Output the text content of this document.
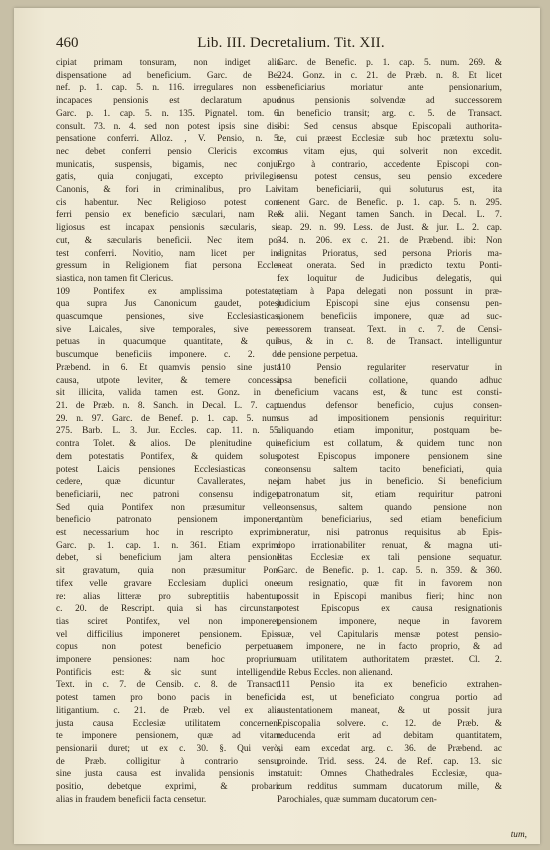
460	Lib. III. Decretalium. Tit. XII.
cipiat primam tonsuram, non indiget alia
dispensatione ad beneficium. Garc. de Be-
nef. p. 1. cap. 5. n. 116. irregulares non esse
incapaces pensionis est declaratum apud
Garc. p. 1. cap. 5. n. 135. Pignatel. tom. 6.
consult. 73. n. 4. sed non potest ipsis sine dis-
pensatione conferri. Alloz. , V. Pensio, n. 5.
nec debet conferri pensio Clericis excom-
municatis, suspensis, bigamis, nec conju-
gatis, quia conjugati, excepto privilegio
Canonis, & fori in criminalibus, pro Lai-
cis habentur. Nec Religioso potest con-
ferri pensio ex beneficio sæculari, nam Re-
ligiosus est incapax pensionis sæcularis, si-
cut, & sæcularis beneficii. Nec item po-
test conferri. Novitio, nam licet per in-
gressum in Religionem fiat persona Eccle-
siastica, non tamen fit Clericus.
109 Pontifex ex amplissima potestate,
qua supra Jus Canonicum gaudet, potest
quascumque pensiones, sive Ecclesiasticas,
sive Laicales, sive temporales, sive per-
petuas in quacumque quantitate, & qui-
buscumque beneficiis imponere. c. 2. de
Præbend. in 6. Et quamvis pensio sine justa
causa, utpote leviter, & temere concessa
sit illicita, valida tamen est. Gonz. in c.
21. de Præb. n. 8. Sanch. in Decal. L. 7. cap.
29. n. 97. Garc. de Benef. p. 1. cap. 5. num.
275. Barb. L. 3. Jur. Eccles. cap. 11. n. 55.
contra Tolet. & alios. De plenitudine qui-
dem potestatis Pontifex, & quidem solus,
potest Laicis pensiones Ecclesiasticas con-
cedere, quæ dicuntur Cavallerates, nec
beneficiarii, nec patroni consensu indiget.
Sed quia Pontifex non præsumitur velle
beneficio patronato pensionem imponere,
est necessarium hoc in rescripto exprimi.
Garc. p. 1. cap. 1. n. 361. Etiam exprimi
debet, si beneficium jam altera pensione
sit gravatum, quia non præsumitur Pon-
tifex velle gravare Ecclesiam duplici one-
re: alias litteræ pro subreptitiis habentur.
c. 20. de Rescript. quia si has circunstan-
tias sciret Pontifex, vel non imponeret,
vel difficilius imponeret pensionem. Epis-
copus non potest beneficio perpetuas
imponere pensiones: nam hoc proprium
Pontificis est: & sic sunt intelligendi.
Text. in c. 7. de Censib. c. 8. de Transact.
potest tamen pro bono pacis in beneficio
litigantium. c. 21. de Præb. vel ex alia
justa causa Ecclesiæ utilitatem concernen-
te imponere pensionem, quæ ad vitam
pensionarii duret; ut ex c. 30. §. Qui verò,
de Præb. colligitur à contrario sensu,
sine justa causa est invalida pensionis im-
positio, debetque exprimi, & probari:
alias in fraudem beneficii facta censetur.
Garc. de Benefic. p. 1. cap. 5. num. 269. &
224. Gonz. in c. 21. de Præb. n. 8. Et licet
beneficiarius moriatur ante pensionarium,
onus pensionis solvendæ ad successorem
in beneficio transit; arg. c. 5. de Transact.
ibi: Sed census absque Episcopali authorita-
te, cui præest Ecclesiæ sub hoc prætextu solu-
tus vitam ejus, qui solverit non excedit.
Ergo à contrario, accedente Episcopi con-
sensu potest census, seu pensio excedere
vitam beneficiarii, qui soluturus est, ita
tenent Garc. de Benefic. p. 1. cap. 5. n. 295.
& alii. Negant tamen Sanch. in Decal. L. 7.
cap. 29. n. 99. Less. de Just. & jur. L. 2. cap.
34. n. 206. ex c. 21. de Præbend. ibi: Non
dignitas Prioratus, sed persona Prioris ma-
neat onerata. Sed in prædicto textu Ponti-
fex loquitur de Judicibus delegatis, qui
etiam à Papa delegati non possunt in præ-
judicium Episcopi sine ejus consensu pen-
sionem beneficiis imponere, quæ ad suc-
cessorem transeat. Text. in c. 7. de Censi-
bus, & in c. 8. de Transact. intelliguntur
de pensione perpetua.
110 Pensio regulariter reservatur in
ipsa beneficii collatione, quando adhuc
beneficium vacans est, & tunc est consti-
tuendus defensor beneficio, cujus consen-
sus ad impositionem pensionis requiritur:
aliquando etiam imponitur, postquam be-
neficium est collatum, & quidem tunc non
potest Episcopus imponere pensionem sine
consensu saltem tacito beneficiati, quia
jam habet jus in beneficio. Si beneficium
patronatum sit, etiam requiritur patroni
consensus, saltem quando pensione non
tantùm beneficiarius, sed etiam beneficium
oneratur, nisi patronus requisitus ab Epis-
copo irrationabiliter renuat, & magna uti-
litas Ecclesiæ ex tali pensione sequatur.
Garc. de Benefic. p. 1. cap. 5. n. 359. & 360.
cum resignatio, quæ fit in favorem non
possit in Episcopi manibus fieri; hinc non
potest Episcopus ex causa resignationis
pensionem imponere, neque in favorem
suæ, vel Capitularis mensæ potest pensio-
nem imponere, ne in facto proprio, & ad
suam utilitatem authoritatem præstet. Cl. 2.
de Rebus Eccles. non alienand.
111 Pensio ita ex beneficio extrahen-
da est, ut beneficiato congrua portio ad
sustentationem maneat, & ut possit jura
Episcopalia solvere. c. 12. de Præb. &
reducenda erit ad debitam quantitatem,
si eam excedat arg. c. 36. de Præbend. ac
proinde. Trid. sess. 24. de Ref. cap. 13. sic
statuit: Omnes Chathedrales Ecclesiæ, qua-
rum redditus summam ducatorum mille, &
Parochiales, quæ summam ducatorum cen-
tum,
